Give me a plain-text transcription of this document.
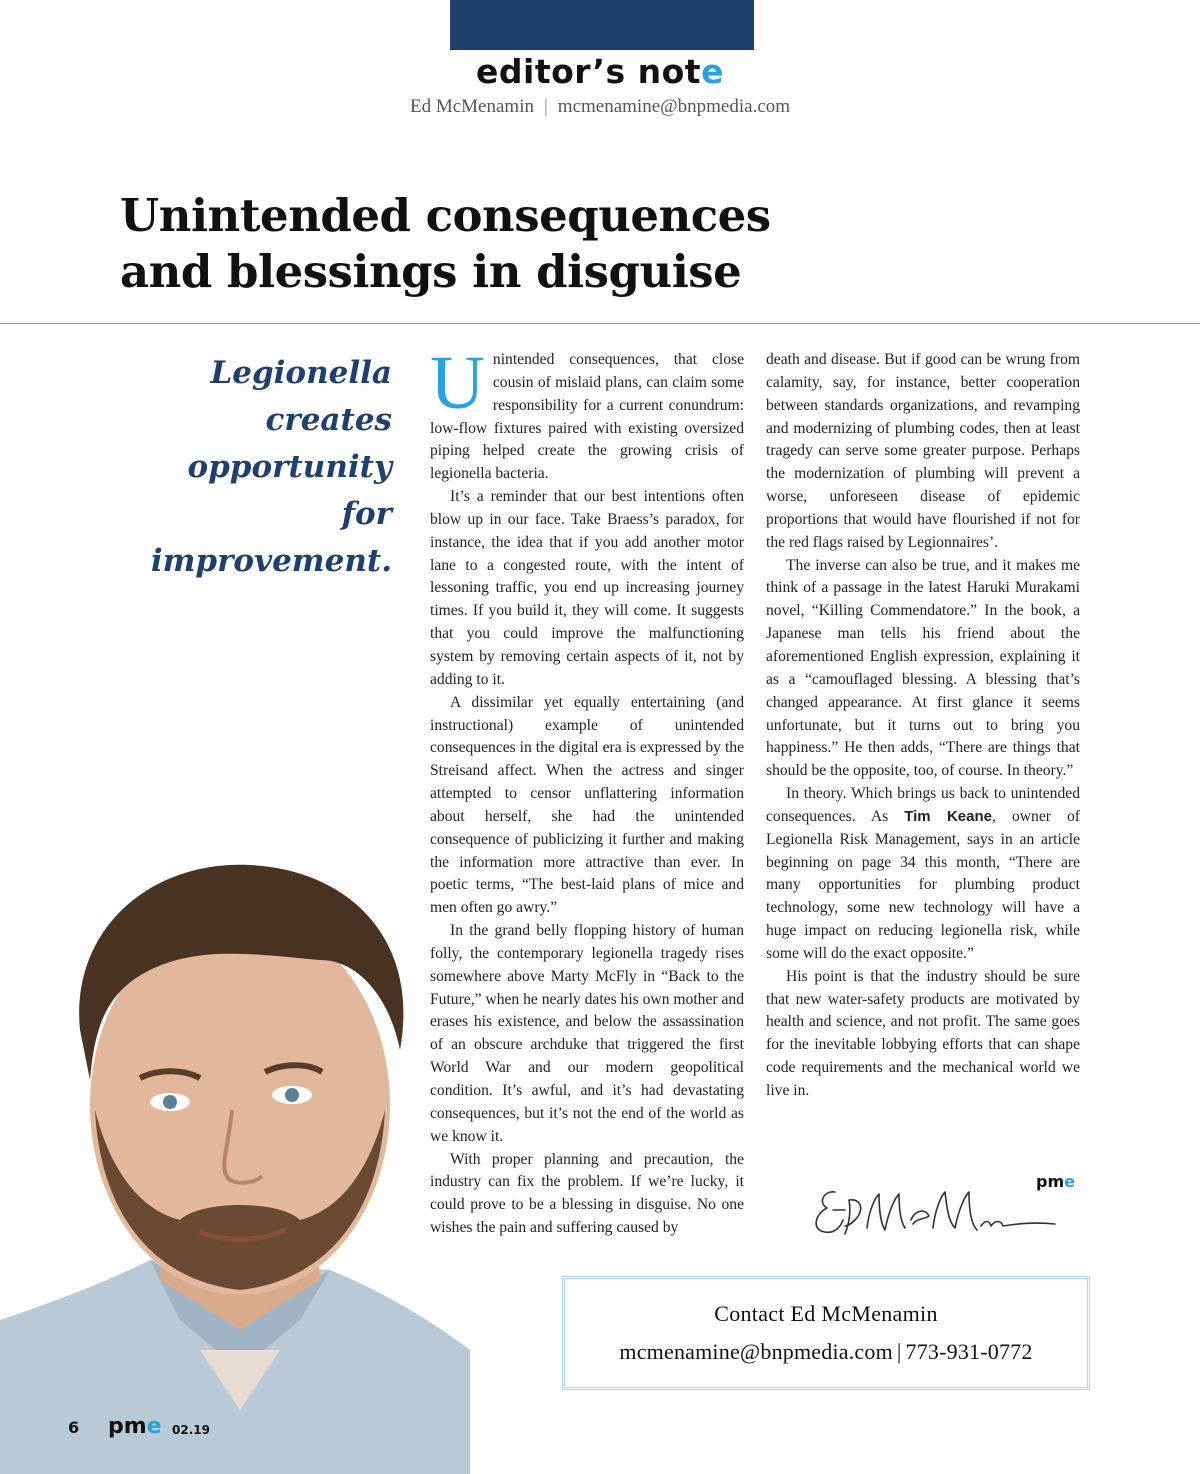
editor’s note
Ed McMenamin | mcmenamine@bnpmedia.com
Unintended consequences
and blessings in disguise
Legionella
creates
opportunity
for
improvement.

Unintended consequences, that close cousin of mislaid plans, can claim some responsibility for a current conundrum: low-flow fixtures paired with existing oversized piping helped create the growing crisis of legionella bacteria.

It’s a reminder that our best intentions often blow up in our face. Take Braess’s paradox, for instance, the idea that if you add another motor lane to a congested route, with the intent of lessoning traffic, you end up increasing journey times. If you build it, they will come. It suggests that you could improve the malfunctioning system by removing certain aspects of it, not by adding to it.

A dissimilar yet equally entertaining (and instructional) example of unintended consequences in the digital era is expressed by the Streisand affect. When the actress and singer attempted to censor unflattering information about herself, she had the unintended consequence of publicizing it further and making the information more attractive than ever. In poetic terms, “The best-laid plans of mice and men often go awry.”

In the grand belly flopping history of human folly, the contemporary legionella tragedy rises somewhere above Marty McFly in “Back to the Future,” when he nearly dates his own mother and erases his existence, and below the assassination of an obscure archduke that triggered the first World War and our modern geopolitical condition. It’s awful, and it’s had devastating consequences, but it’s not the end of the world as we know it.

With proper planning and precaution, the industry can fix the problem. If we’re lucky, it could prove to be a blessing in disguise. No one wishes the pain and suffering caused by

death and disease. But if good can be wrung from calamity, say, for instance, better cooperation between standards organizations, and revamping and modernizing of plumbing codes, then at least tragedy can serve some greater purpose. Perhaps the modernization of plumbing will prevent a worse, unforeseen disease of epidemic proportions that would have flourished if not for the red flags raised by Legionnaires’.

The inverse can also be true, and it makes me think of a passage in the latest Haruki Murakami novel, “Killing Commendatore.” In the book, a Japanese man tells his friend about the aforementioned English expression, explaining it as a “camouflaged blessing. A blessing that’s changed appearance. At first glance it seems unfortunate, but it turns out to bring you happiness.” He then adds, “There are things that should be the opposite, too, of course. In theory.”

In theory. Which brings us back to unintended consequences. As Tim Keane, owner of Legionella Risk Management, says in an article beginning on page 34 this month, “There are many opportunities for plumbing product technology, some new technology will have a huge impact on reducing legionella risk, while some will do the exact opposite.”

His point is that the industry should be sure that new water-safety products are motivated by health and science, and not profit. The same goes for the inevitable lobbying efforts that can shape code requirements and the mechanical world we live in.

pme
Contact Ed McMenamin
mcmenamine@bnpmedia.com | 773-931-0772
6 pme 02.19
